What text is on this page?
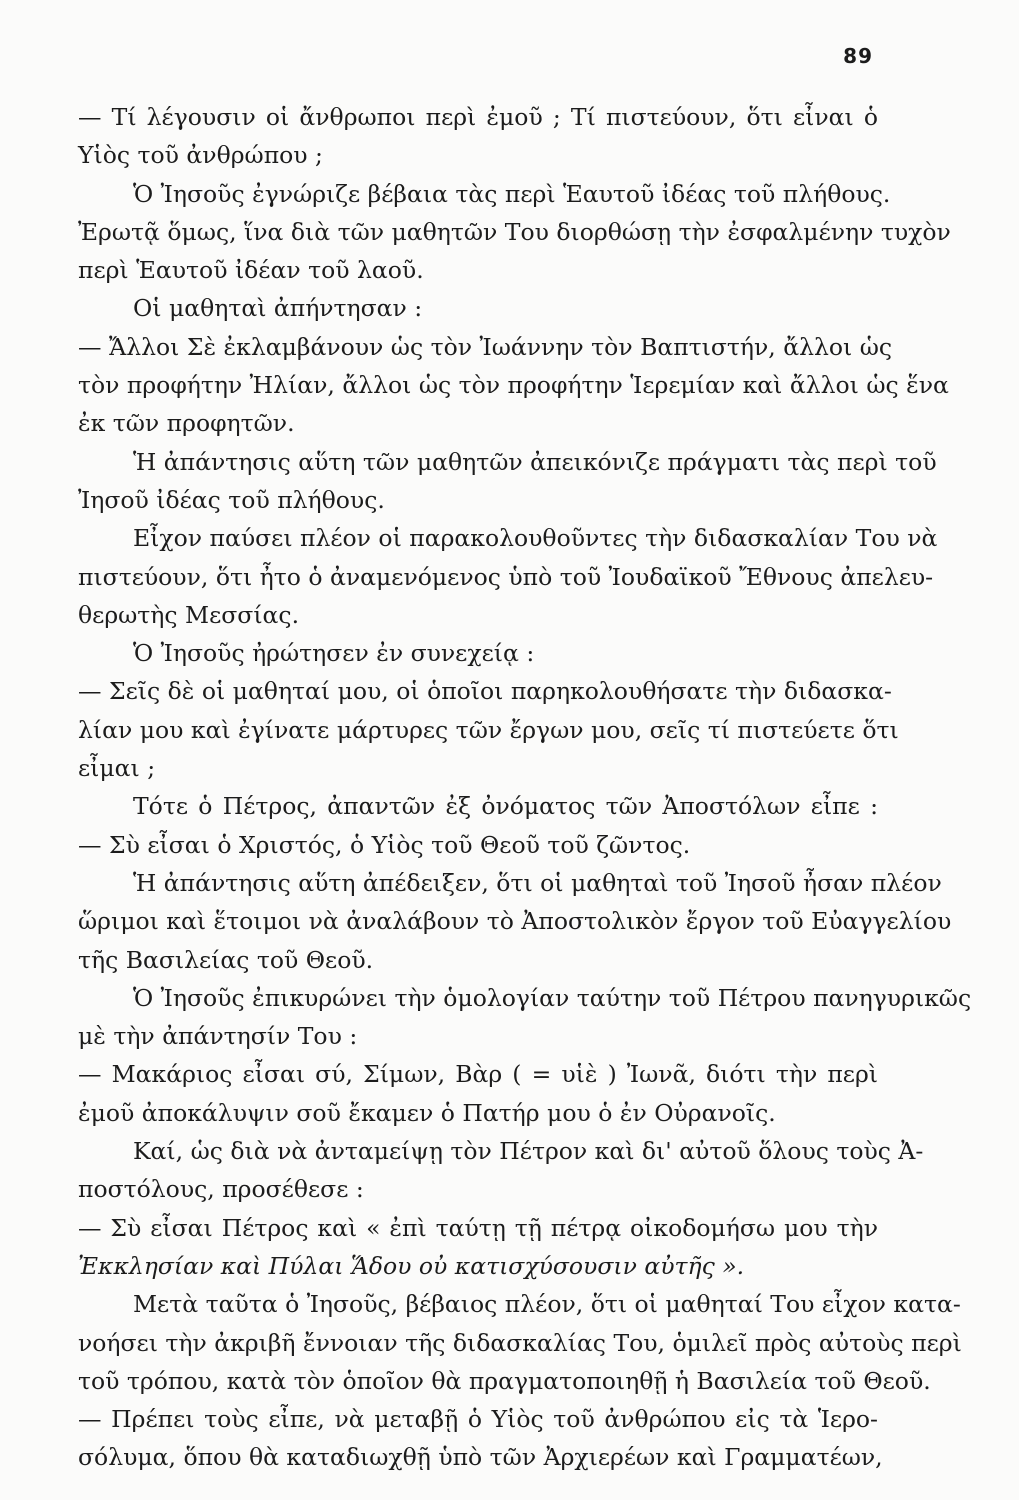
89
— Τί λέγουσιν οἱ ἄνθρωποι περὶ ἐμοῦ ; Τί πιστεύουν, ὅτι εἶναι ὁ
Υἱὸς τοῦ ἀνθρώπου ;
Ὁ Ἰησοῦς ἐγνώριζε βέβαια τὰς περὶ Ἑαυτοῦ ἰδέας τοῦ πλήθους.
Ἐρωτᾷ ὅμως, ἵνα διὰ τῶν μαθητῶν Του διορθώσῃ τὴν ἐσφαλμένην τυχὸν
περὶ Ἑαυτοῦ ἰδέαν τοῦ λαοῦ.
Οἱ μαθηταὶ ἀπήντησαν :
— Ἄλλοι Σὲ ἐκλαμβάνουν ὡς τὸν Ἰωάννην τὸν Βαπτιστήν, ἄλλοι ὡς
τὸν προφήτην Ἠλίαν, ἄλλοι ὡς τὸν προφήτην Ἱερεμίαν καὶ ἄλλοι ὡς ἕνα
ἐκ τῶν προφητῶν.
Ἡ ἀπάντησις αὕτη τῶν μαθητῶν ἀπεικόνιζε πράγματι τὰς περὶ τοῦ
Ἰησοῦ ἰδέας τοῦ πλήθους.
Εἶχον παύσει πλέον οἱ παρακολουθοῦντες τὴν διδασκαλίαν Του νὰ
πιστεύουν, ὅτι ἦτο ὁ ἀναμενόμενος ὑπὸ τοῦ Ἰουδαϊκοῦ Ἔθνους ἀπελευ-
θερωτὴς Μεσσίας.
Ὁ Ἰησοῦς ἠρώτησεν ἐν συνεχείᾳ :
— Σεῖς δὲ οἱ μαθηταί μου, οἱ ὁποῖοι παρηκολουθήσατε τὴν διδασκα-
λίαν μου καὶ ἐγίνατε μάρτυρες τῶν ἔργων μου, σεῖς τί πιστεύετε ὅτι
εἶμαι ;
Τότε ὁ Πέτρος, ἀπαντῶν ἐξ ὀνόματος τῶν Ἀποστόλων εἶπε :
— Σὺ εἶσαι ὁ Χριστός, ὁ Υἱὸς τοῦ Θεοῦ τοῦ ζῶντος.
Ἡ ἀπάντησις αὕτη ἀπέδειξεν, ὅτι οἱ μαθηταὶ τοῦ Ἰησοῦ ἦσαν πλέον
ὥριμοι καὶ ἕτοιμοι νὰ ἀναλάβουν τὸ Ἀποστολικὸν ἔργον τοῦ Εὐαγγελίου
τῆς Βασιλείας τοῦ Θεοῦ.
Ὁ Ἰησοῦς ἐπικυρώνει τὴν ὁμολογίαν ταύτην τοῦ Πέτρου πανηγυρικῶς
μὲ τὴν ἀπάντησίν Του :
— Μακάριος εἶσαι σύ, Σίμων, Βὰρ ( = υἱὲ ) Ἰωνᾶ, διότι τὴν περὶ
ἐμοῦ ἀποκάλυψιν σοῦ ἔκαμεν ὁ Πατήρ μου ὁ ἐν Οὐρανοῖς.
Καί, ὡς διὰ νὰ ἀνταμείψῃ τὸν Πέτρον καὶ δι' αὐτοῦ ὅλους τοὺς Ἀ-
ποστόλους, προσέθεσε :
— Σὺ εἶσαι Πέτρος καὶ « ἐπὶ ταύτῃ τῇ πέτρᾳ οἰκοδομήσω μου τὴν
Ἐκκλησίαν καὶ Πύλαι Ἅδου οὐ κατισχύσουσιν αὐτῆς ».
Μετὰ ταῦτα ὁ Ἰησοῦς, βέβαιος πλέον, ὅτι οἱ μαθηταί Του εἶχον κατα-
νοήσει τὴν ἀκριβῆ ἔννοιαν τῆς διδασκαλίας Του, ὁμιλεῖ πρὸς αὐτοὺς περὶ
τοῦ τρόπου, κατὰ τὸν ὁποῖον θὰ πραγματοποιηθῇ ἡ Βασιλεία τοῦ Θεοῦ.
— Πρέπει τοὺς εἶπε, νὰ μεταβῇ ὁ Υἱὸς τοῦ ἀνθρώπου εἰς τὰ Ἱερο-
σόλυμα, ὅπου θὰ καταδιωχθῇ ὑπὸ τῶν Ἀρχιερέων καὶ Γραμματέων,
